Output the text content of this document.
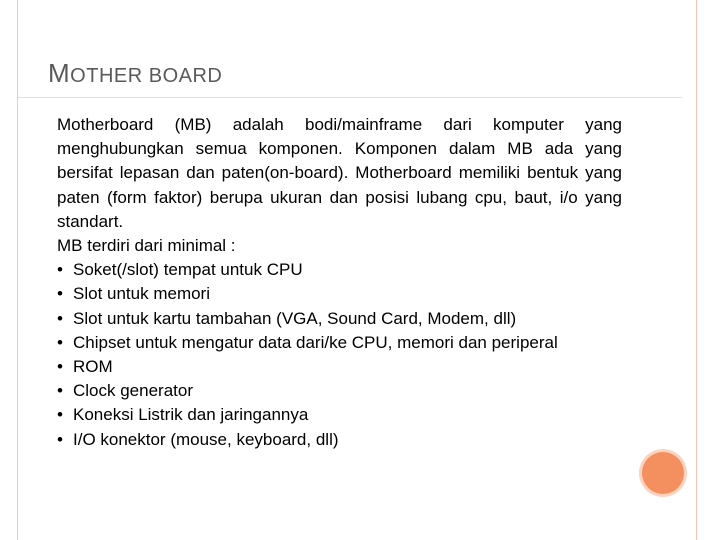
MOTHER BOARD

Motherboard (MB) adalah bodi/mainframe dari komputer yang menghubungkan semua komponen. Komponen dalam MB ada yang bersifat lepasan dan paten(on-board). Motherboard memiliki bentuk yang paten (form faktor) berupa ukuran dan posisi lubang cpu, baut, i/o yang standart.

MB terdiri dari minimal :

• Soket(/slot) tempat untuk CPU
• Slot untuk memori
• Slot untuk kartu tambahan (VGA, Sound Card, Modem, dll)
• Chipset untuk mengatur data dari/ke CPU, memori dan periperal
• ROM
• Clock generator
• Koneksi Listrik dan jaringannya
• I/O konektor (mouse, keyboard, dll)
